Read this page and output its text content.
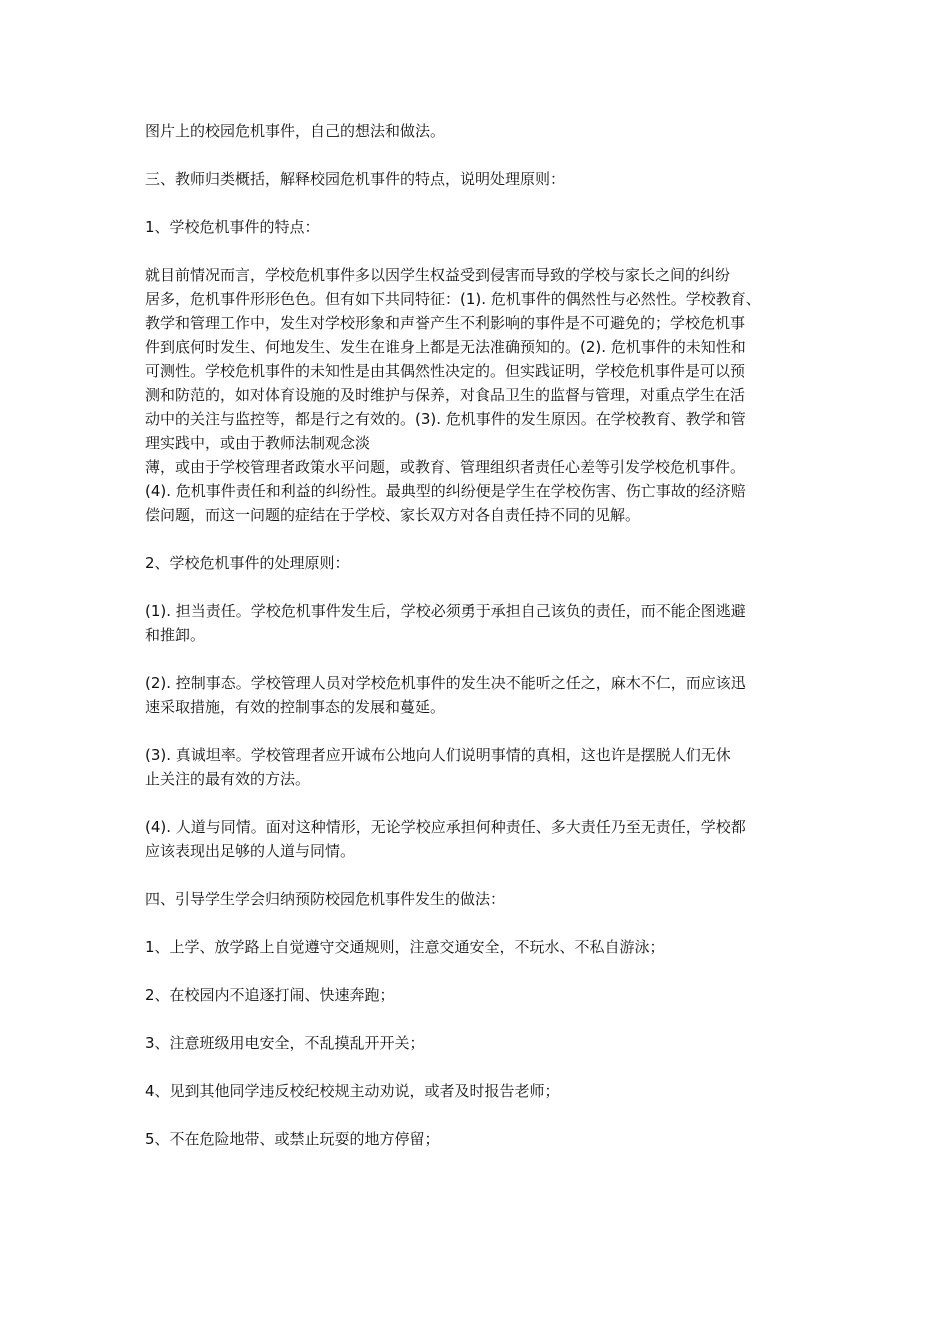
图片上的校园危机事件，自己的想法和做法。

三、教师归类概括，解释校园危机事件的特点，说明处理原则：

1、学校危机事件的特点：

就目前情况而言，学校危机事件多以因学生权益受到侵害而导致的学校与家长之间的纠纷
居多，危机事件形形色色。但有如下共同特征：(1). 危机事件的偶然性与必然性。学校教育、
教学和管理工作中，发生对学校形象和声誉产生不利影响的事件是不可避免的；学校危机事
件到底何时发生、何地发生、发生在谁身上都是无法准确预知的。(2). 危机事件的未知性和
可测性。学校危机事件的未知性是由其偶然性决定的。但实践证明，学校危机事件是可以预
测和防范的，如对体育设施的及时维护与保养，对食品卫生的监督与管理，对重点学生在活
动中的关注与监控等，都是行之有效的。(3). 危机事件的发生原因。在学校教育、教学和管
理实践中，或由于教师法制观念淡
薄，或由于学校管理者政策水平问题，或教育、管理组织者责任心差等引发学校危机事件。
(4). 危机事件责任和利益的纠纷性。最典型的纠纷便是学生在学校伤害、伤亡事故的经济赔
偿问题，而这一问题的症结在于学校、家长双方对各自责任持不同的见解。

2、学校危机事件的处理原则：

(1). 担当责任。学校危机事件发生后，学校必须勇于承担自己该负的责任，而不能企图逃避
和推卸。

(2). 控制事态。学校管理人员对学校危机事件的发生决不能听之任之，麻木不仁，而应该迅
速采取措施，有效的控制事态的发展和蔓延。

(3). 真诚坦率。学校管理者应开诚布公地向人们说明事情的真相，这也许是摆脱人们无休
止关注的最有效的方法。

(4). 人道与同情。面对这种情形，无论学校应承担何种责任、多大责任乃至无责任，学校都
应该表现出足够的人道与同情。

四、引导学生学会归纳预防校园危机事件发生的做法：

1、上学、放学路上自觉遵守交通规则，注意交通安全，不玩水、不私自游泳；

2、在校园内不追逐打闹、快速奔跑；

3、注意班级用电安全，不乱摸乱开开关；

4、见到其他同学违反校纪校规主动劝说，或者及时报告老师；

5、不在危险地带、或禁止玩耍的地方停留；
